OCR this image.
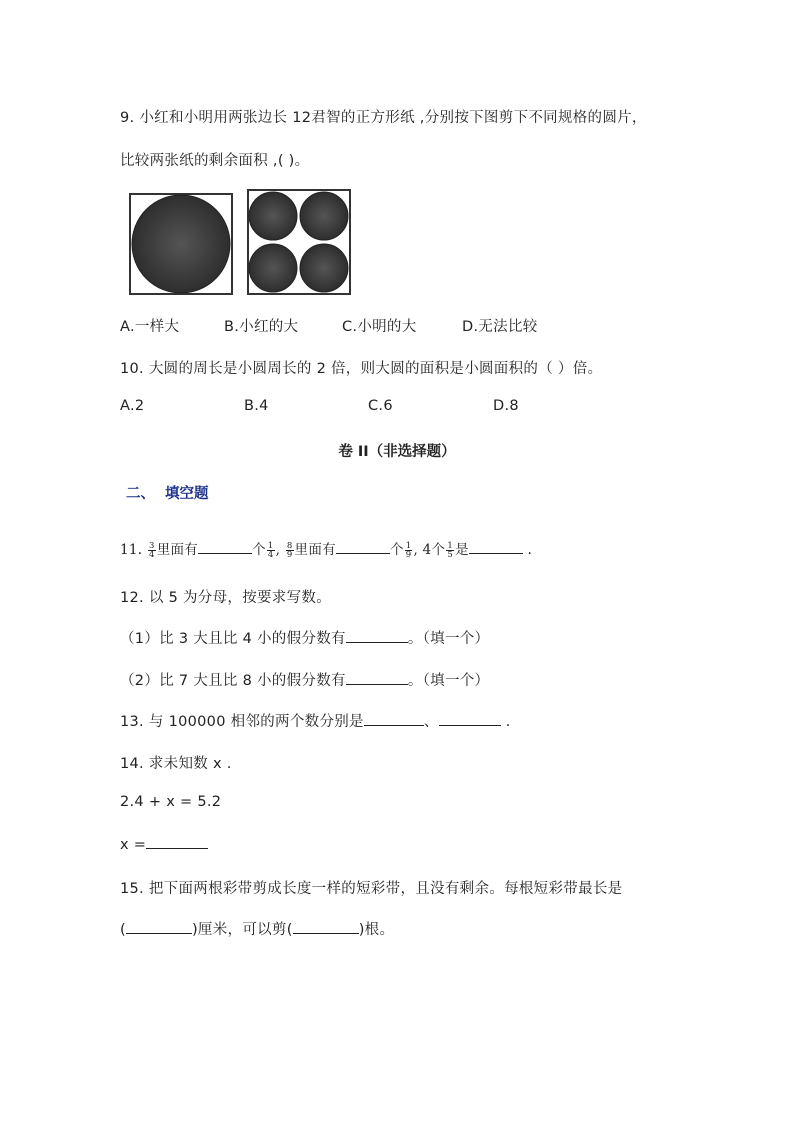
9. 小红和小明用两张边长 12君智的正方形纸 ,分别按下图剪下不同规格的圆片，
比较两张纸的剩余面积 ,( )。
A.一样大	B.小红的大	C.小明的大	D.无法比较
10. 大圆的周长是小圆周长的 2 倍，则大圆的面积是小圆面积的（ ）倍。
A.2	B.4	C.6	D.8
卷 II（非选择题）
二、 填空题
11. $\frac{3}{4}$ 里面有	个 $\frac{1}{4}$ , $\frac{8}{9}$ 里面有	个 $\frac{1}{9}$ , 4个 $\frac{1}{5}$ 是	.
12. 以 5 为分母，按要求写数。
（1）比 3 大且比 4 小的假分数有	。（填一个）
（2）比 7 大且比 8 小的假分数有	。（填一个）
13. 与 100000 相邻的两个数分别是	、	.
14. 求未知数 x .
2.4 + x = 5.2
x =
15. 把下面两根彩带剪成长度一样的短彩带，且没有剩余。每根短彩带最长是
(	)厘米，可以剪(	)根。
